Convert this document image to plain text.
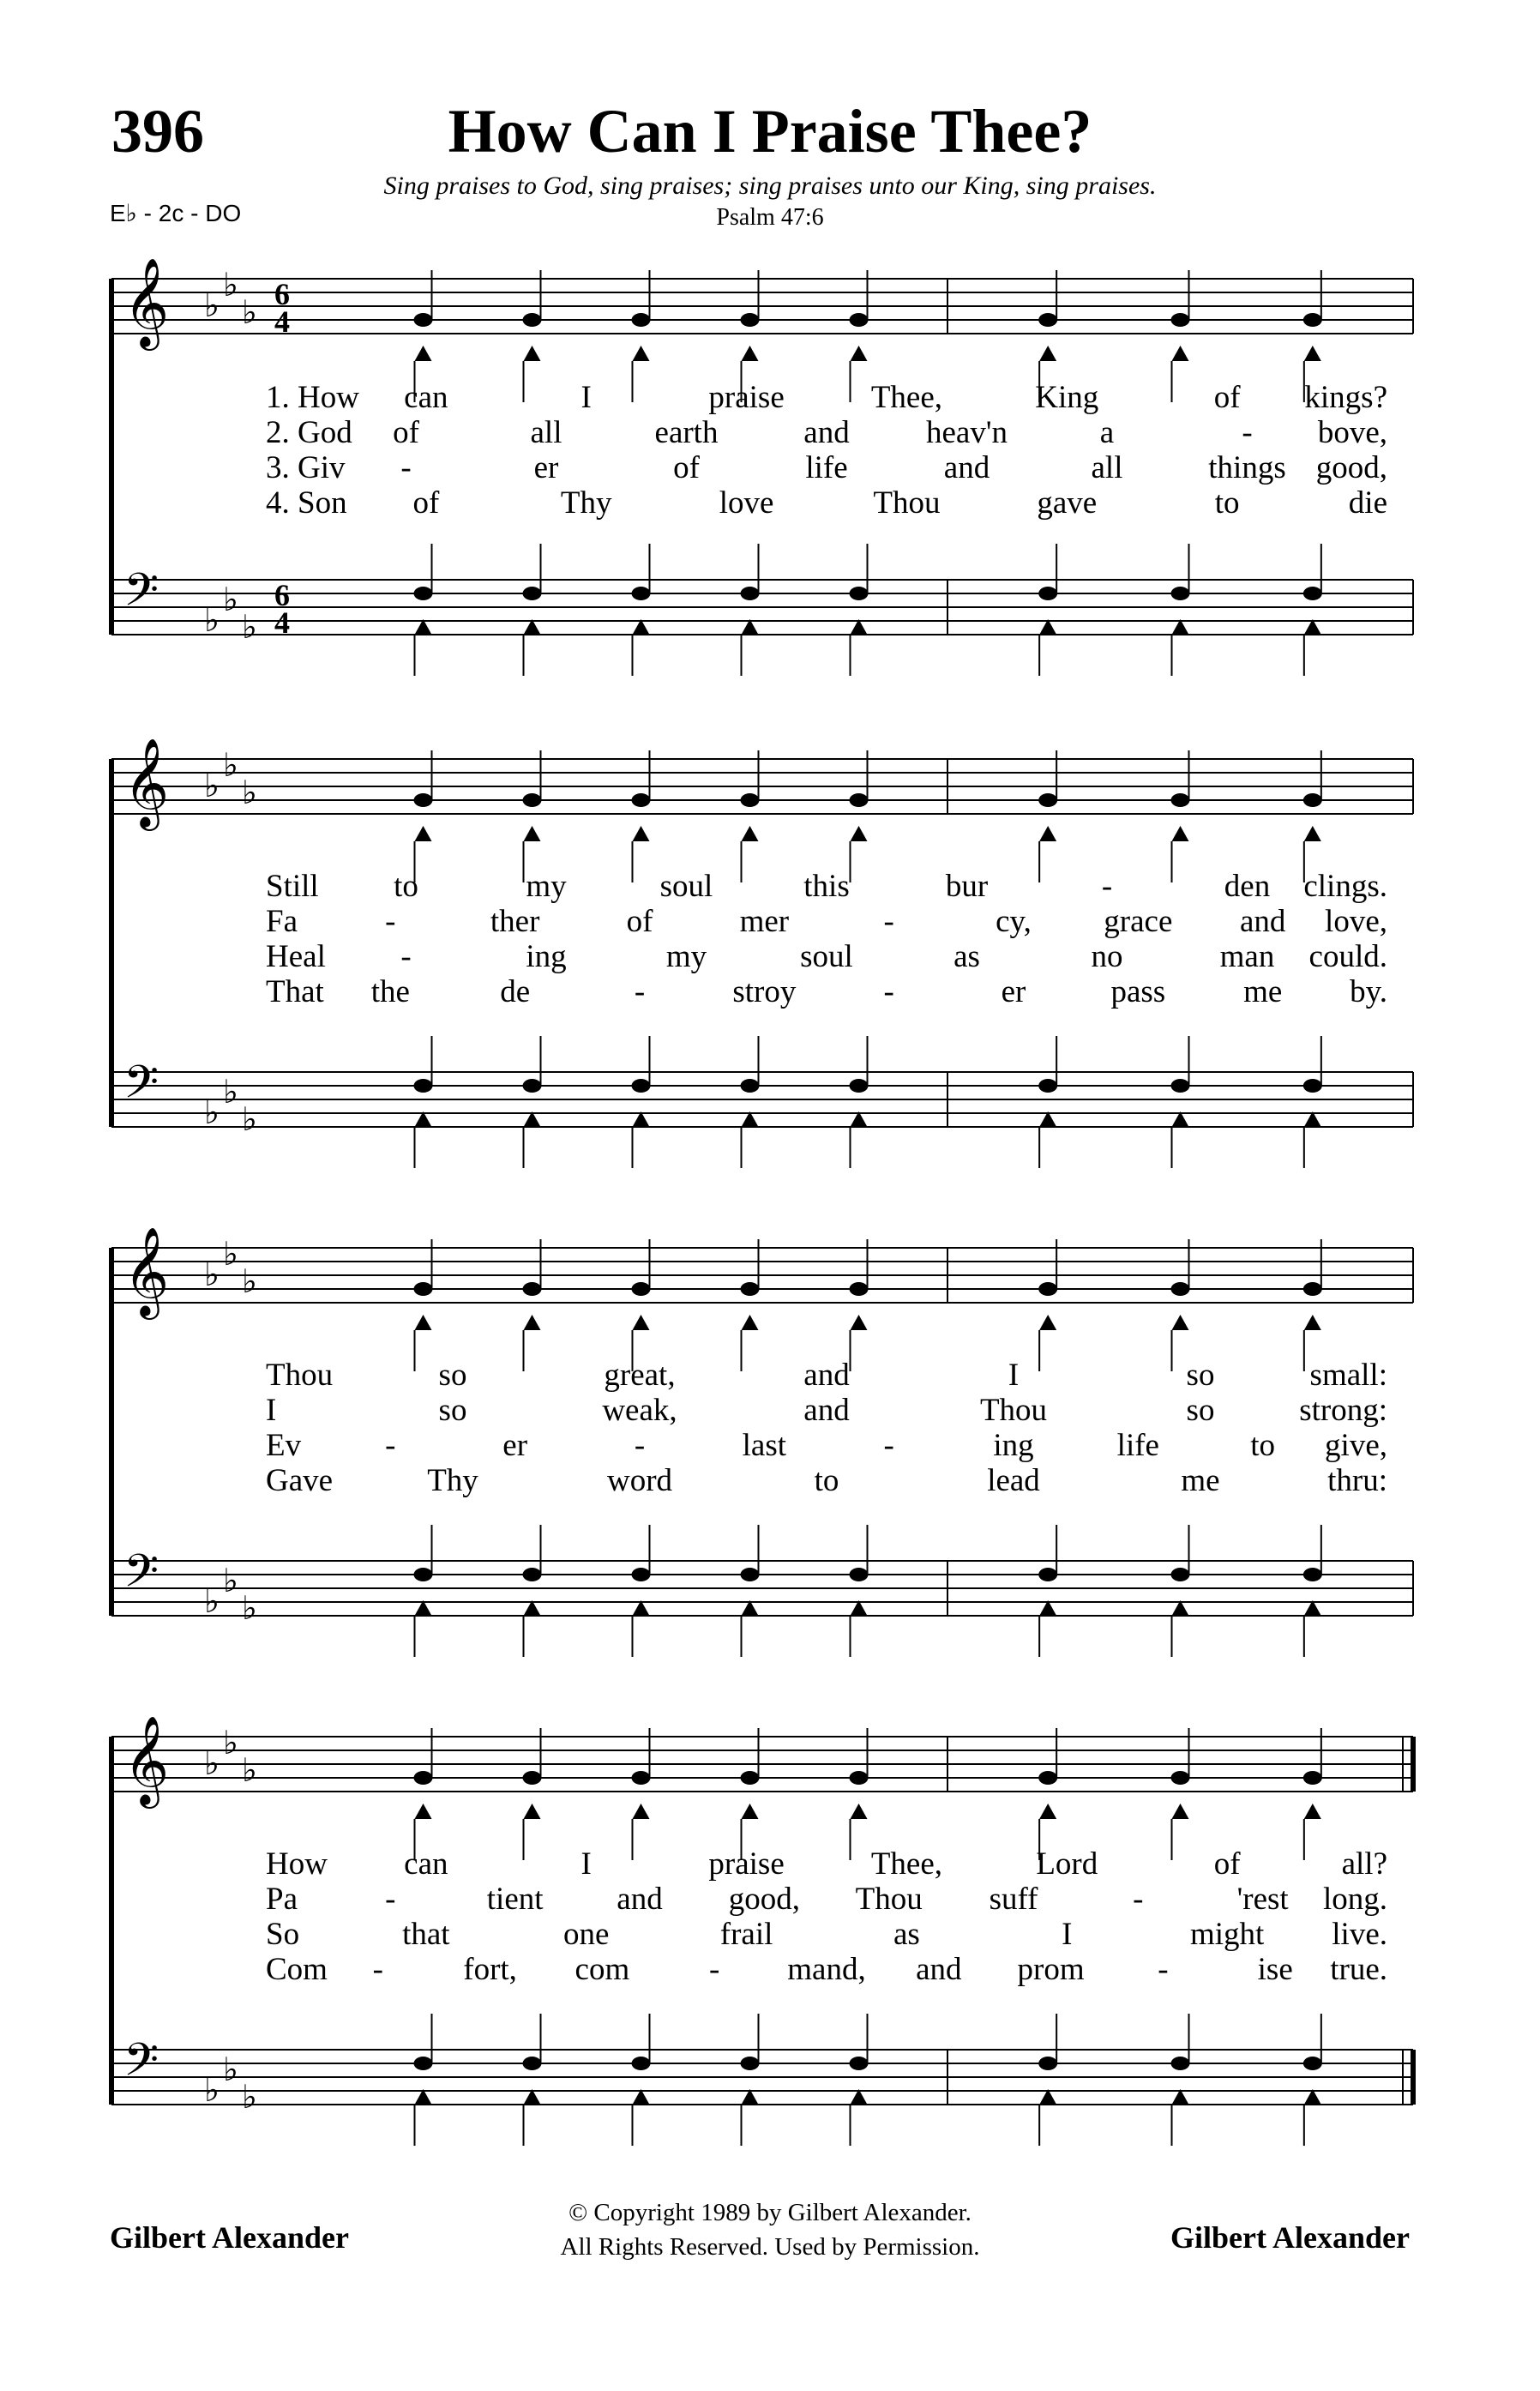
396	How Can I Praise Thee?
Sing praises to God, sing praises; sing praises unto our King, sing praises.
Psalm 47:6
E♭ - 2c - DO
𝄞 ♭
♭
♭
6
4
𝄢 ♭
♭
♭
6
4
1. How can	I	praise	Thee,	King	of kings?
2. God of	all	earth	and heav'n	a	- bove,
3. Giv -	er	of	life	and	all	things good,
4. Son of	Thy	love	Thou	gave	to	die
𝄞 ♭
♭
♭
𝄢 ♭
♭
♭
Still to	my	soul	this	bur	-	den clings.
Fa	-	ther	of	mer	-	cy, grace and love,
Heal -	ing	my	soul	as	no	man could.
That the	de	-	stroy	-	er	pass me by.
𝄞 ♭
♭
♭
𝄢 ♭
♭
♭
Thou	so	great,	and	I	so	small:
I	so	weak,	and	Thou	so	strong:
Ev	-	er	-	last	-	ing	life	to give,
Gave	Thy	word	to	lead	me	thru:
𝄞 ♭
♭
♭
𝄢 ♭
♭
♭
How can	I	praise	Thee,	Lord	of	all?
Pa	-	tient and good, Thou suff	-	'rest long.
So	that	one	frail	as	I	might live.
Com -	fort, com	- mand, and prom -	ise true.
© Copyright 1989 by Gilbert Alexander.
All Rights Reserved. Used by Permission.
Gilbert Alexander	Gilbert Alexander
